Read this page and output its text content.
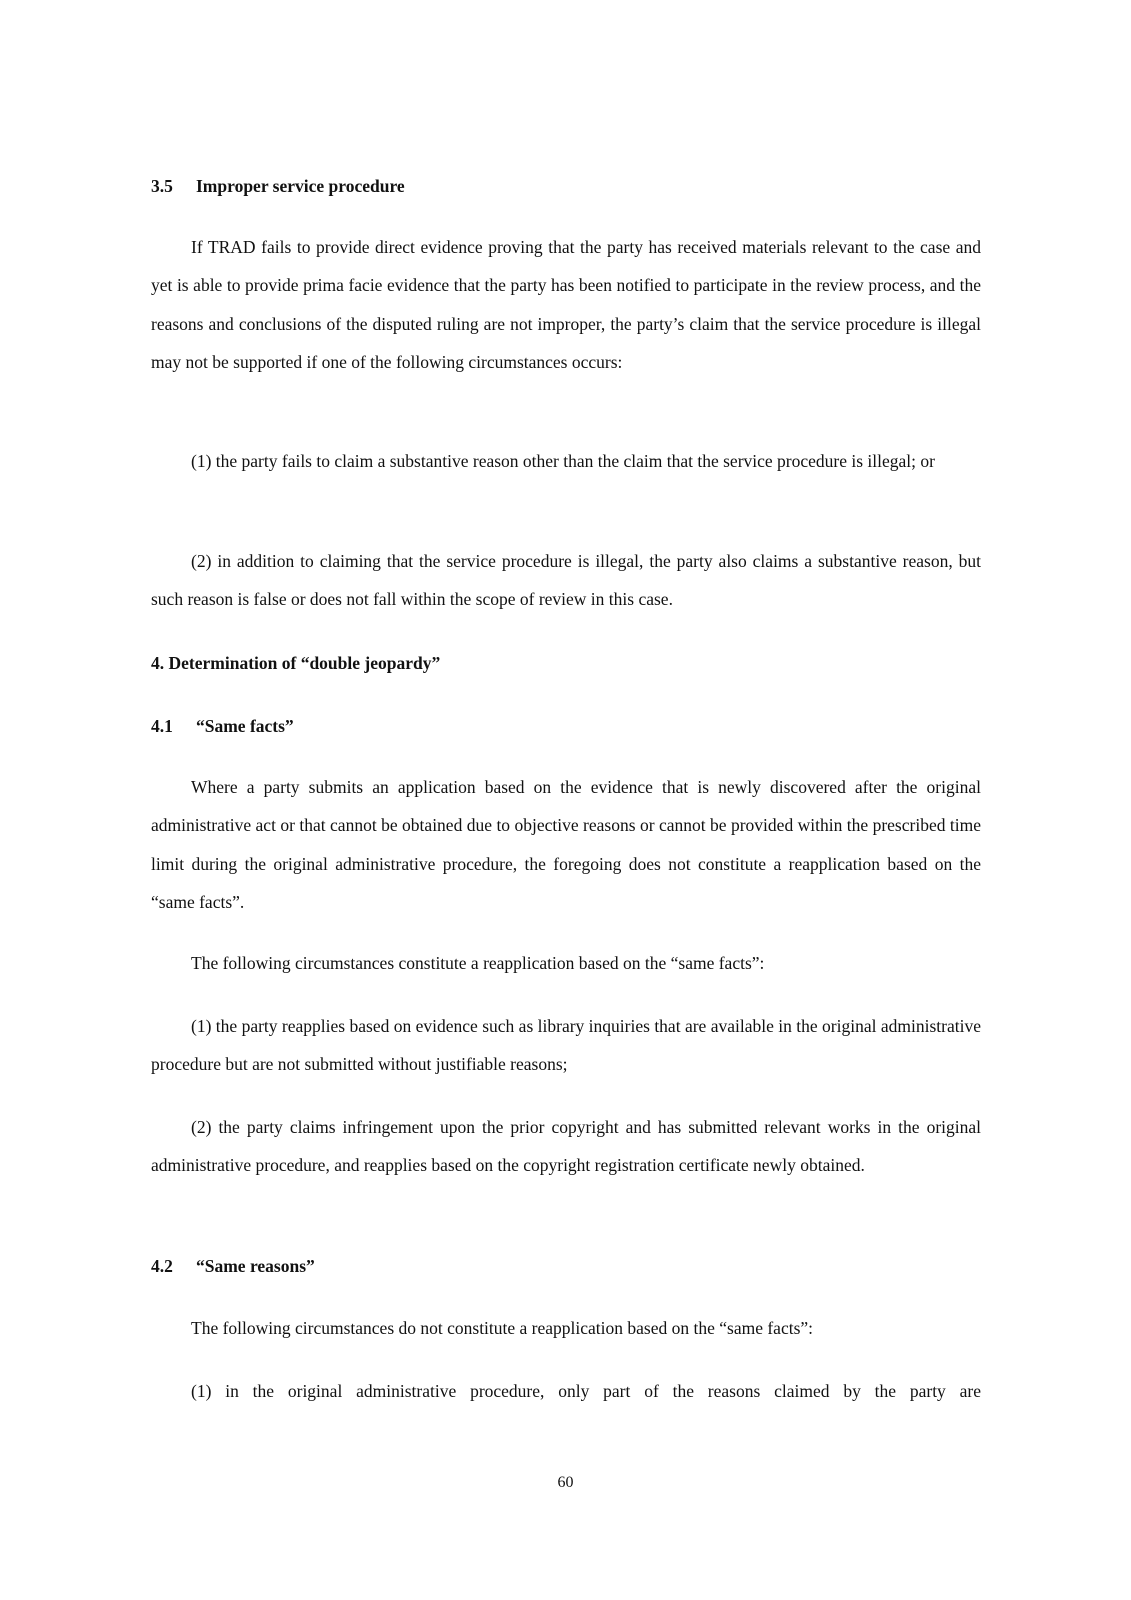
3.5 Improper service procedure

If TRAD fails to provide direct evidence proving that the party has received materials relevant to the case and yet is able to provide prima facie evidence that the party has been notified to participate in the review process, and the reasons and conclusions of the disputed ruling are not improper, the party’s claim that the service procedure is illegal may not be supported if one of the following circumstances occurs:

(1) the party fails to claim a substantive reason other than the claim that the service procedure is illegal; or

(2) in addition to claiming that the service procedure is illegal, the party also claims a substantive reason, but such reason is false or does not fall within the scope of review in this case.

4. Determination of “double jeopardy”
4.1 “Same facts”

Where a party submits an application based on the evidence that is newly discovered after the original administrative act or that cannot be obtained due to objective reasons or cannot be provided within the prescribed time limit during the original administrative procedure, the foregoing does not constitute a reapplication based on the “same facts”.

The following circumstances constitute a reapplication based on the “same facts”:

(1) the party reapplies based on evidence such as library inquiries that are available in the original administrative procedure but are not submitted without justifiable reasons;

(2) the party claims infringement upon the prior copyright and has submitted relevant works in the original administrative procedure, and reapplies based on the copyright registration certificate newly obtained.

4.2 “Same reasons”

The following circumstances do not constitute a reapplication based on the “same facts”:

(1) in the original administrative procedure, only part of the reasons claimed by the party are

60
